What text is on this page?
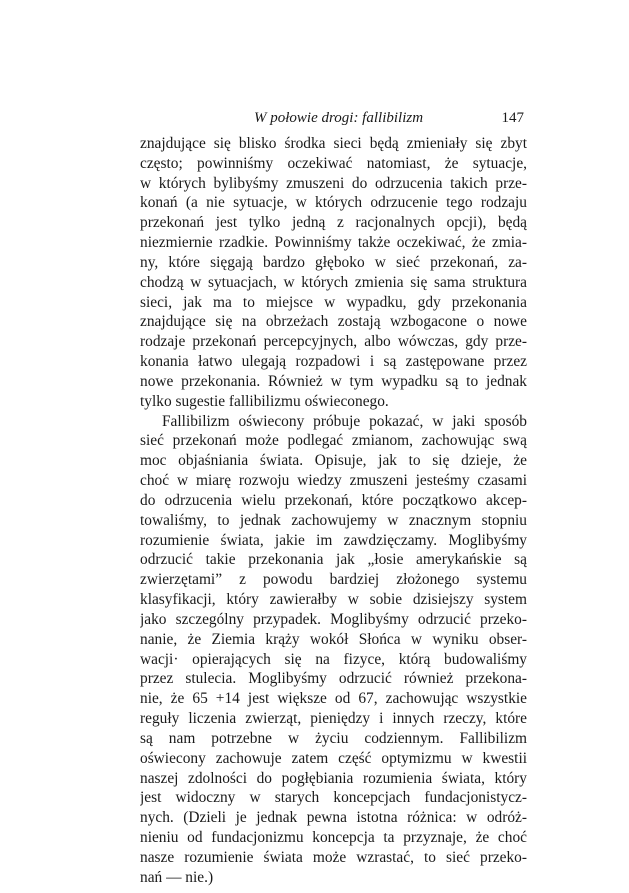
W połowie drogi: fallibilizm	147
znajdujące się blisko środka sieci będą zmieniały się zbyt
często; powinniśmy oczekiwać natomiast, że sytuacje,
w których bylibyśmy zmuszeni do odrzucenia takich prze-
konań (a nie sytuacje, w których odrzucenie tego rodzaju
przekonań jest tylko jedną z racjonalnych opcji), będą
niezmiernie rzadkie. Powinniśmy także oczekiwać, że zmia-
ny, które sięgają bardzo głęboko w sieć przekonań, za-
chodzą w sytuacjach, w których zmienia się sama struktura
sieci, jak ma to miejsce w wypadku, gdy przekonania
znajdujące się na obrzeżach zostają wzbogacone o nowe
rodzaje przekonań percepcyjnych, albo wówczas, gdy prze-
konania łatwo ulegają rozpadowi i są zastępowane przez
nowe przekonania. Również w tym wypadku są to jednak
tylko sugestie fallibilizmu oświeconego.
Fallibilizm oświecony próbuje pokazać, w jaki sposób
sieć przekonań może podlegać zmianom, zachowując swą
moc objaśniania świata. Opisuje, jak to się dzieje, że
choć w miarę rozwoju wiedzy zmuszeni jesteśmy czasami
do odrzucenia wielu przekonań, które początkowo akcep-
towaliśmy, to jednak zachowujemy w znacznym stopniu
rozumienie świata, jakie im zawdzięczamy. Moglibyśmy
odrzucić takie przekonania jak „łosie amerykańskie są
zwierzętami” z powodu bardziej złożonego systemu
klasyfikacji, który zawierałby w sobie dzisiejszy system
jako szczególny przypadek. Moglibyśmy odrzucić przeko-
nanie, że Ziemia krąży wokół Słońca w wyniku obser-
wacji· opierających się na fizyce, którą budowaliśmy
przez stulecia. Moglibyśmy odrzucić również przekona-
nie, że 65 +14 jest większe od 67, zachowując wszystkie
reguły liczenia zwierząt, pieniędzy i innych rzeczy, które
są nam potrzebne w życiu codziennym. Fallibilizm
oświecony zachowuje zatem część optymizmu w kwestii
naszej zdolności do pogłębiania rozumienia świata, który
jest widoczny w starych koncepcjach fundacjonistycz-
nych. (Dzieli je jednak pewna istotna różnica: w odróż-
nieniu od fundacjonizmu koncepcja ta przyznaje, że choć
nasze rozumienie świata może wzrastać, to sieć przeko-
nań — nie.)
